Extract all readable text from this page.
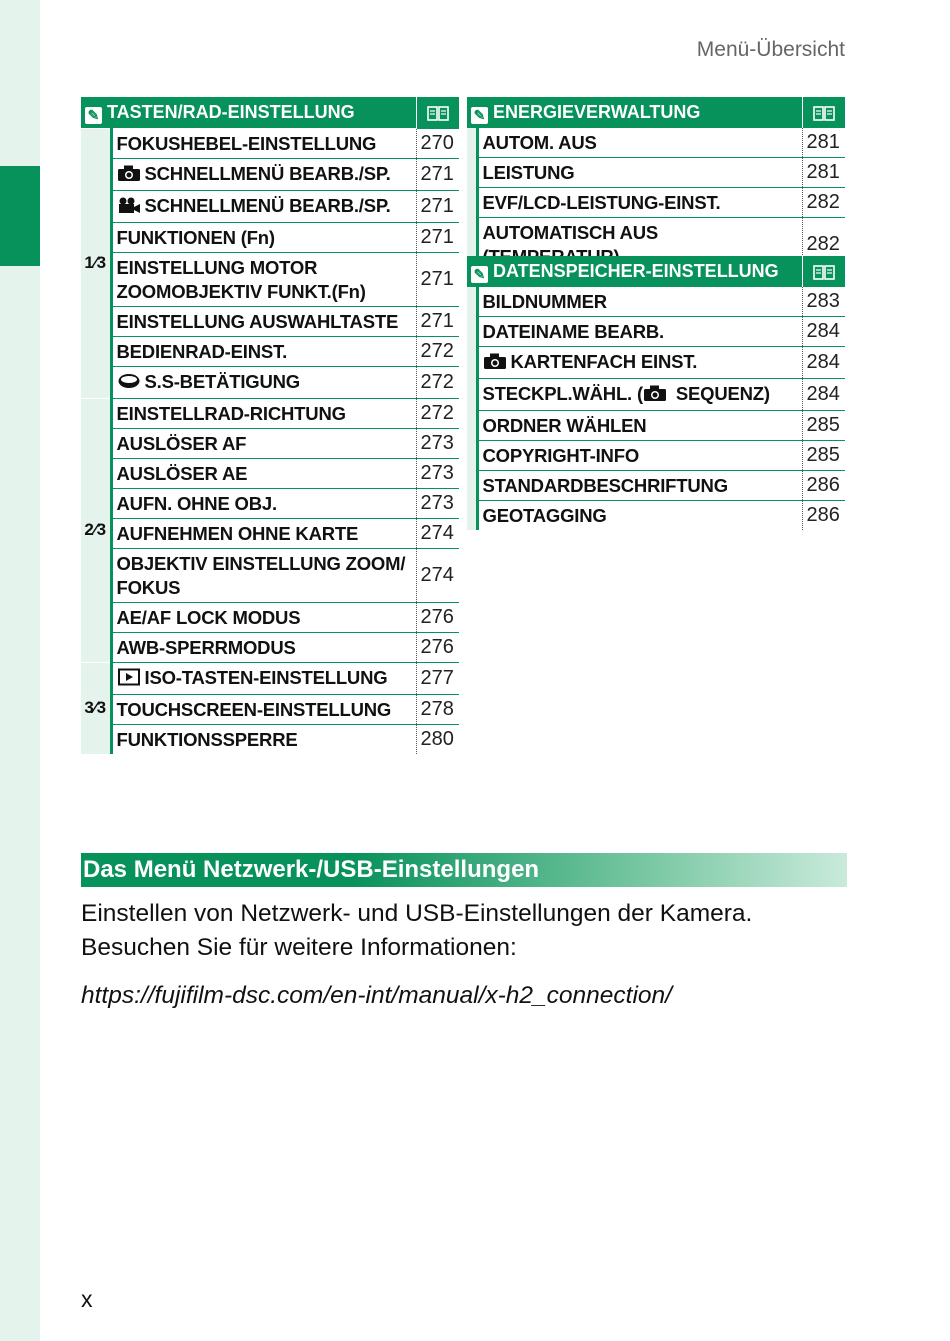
Menü-Übersicht
✎ TASTEN/RAD-EINSTELLUNG	

1⁄3	FOKUSHEBEL-EINSTELLUNG	270
	SCHNELLMENÜ BEARB./SP.	271
	SCHNELLMENÜ BEARB./SP.	271
	FUNKTIONEN (Fn)	271
	EINSTELLUNG MOTOR ZOOMOBJEKTIV FUNKT.(Fn)	271
	EINSTELLUNG AUSWAHLTASTE	271
	BEDIENRAD-EINST.	272
	S.S-BETÄTIGUNG	272
2⁄3	EINSTELLRAD-RICHTUNG	272
	AUSLÖSER AF	273
	AUSLÖSER AE	273
	AUFN. OHNE OBJ.	273
	AUFNEHMEN OHNE KARTE	274
	OBJEKTIV EINSTELLUNG ZOOM/ FOKUS	274
	AE/AF LOCK MODUS	276
	AWB-SPERRMODUS	276
3⁄3	ISO-TASTEN-EINSTELLUNG	277
	TOUCHSCREEN-EINSTELLUNG	278
	FUNKTIONSSPERRE	280
✎ ENERGIEVERWALTUNG	

	AUTOM. AUS	281
	LEISTUNG	281
	EVF/LCD-LEISTUNG-EINST.	282
	AUTOMATISCH AUS	282
✎ DATENSPEICHER-EINSTELLUNG	

	BILDNUMMER	283
	DATEINAME BEARB.	284
	KARTENFACH EINST.	284
	STECKPL.WÄHL. ( SEQUENZ)	284
	ORDNER WÄHLEN	285
	COPYRIGHT-INFO	285
	STANDARDBESCHRIFTUNG	286
	GEOTAGGING	286
Das Menü Netzwerk-/USB-Einstellungen
Einstellen von Netzwerk- und USB-Einstellungen der Kamera.
Besuchen Sie für weitere Informationen:
https://fujifilm-dsc.com/en-int/manual/x-h2_connection/
x
